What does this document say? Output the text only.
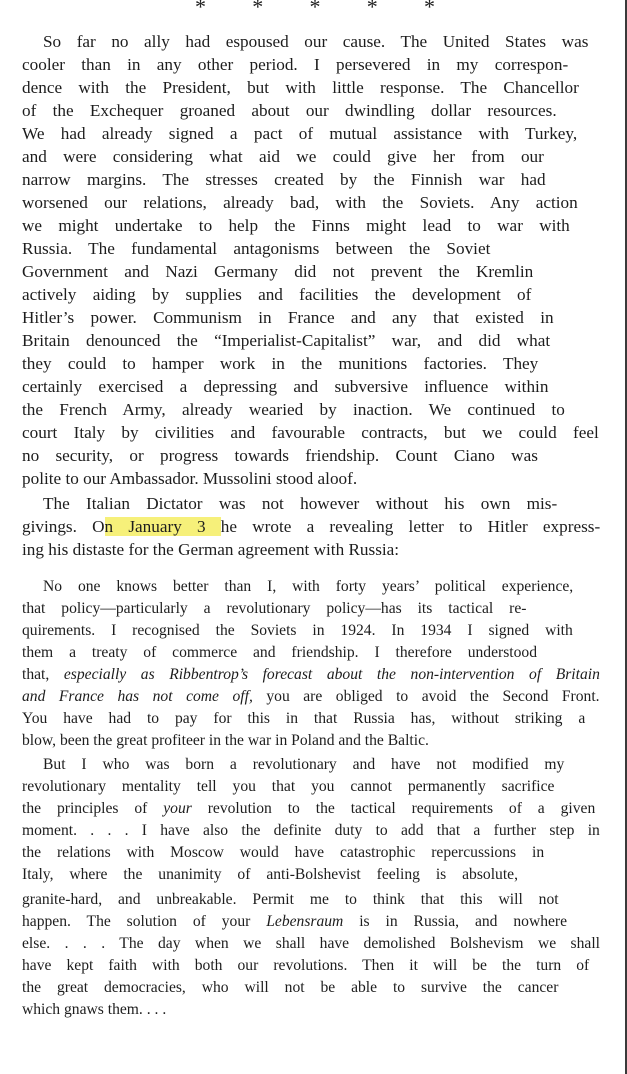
* * * * *

So far no ally had espoused our cause. The United States was

cooler than in any other period. I persevered in my correspon-

dence with the President, but with little response. The Chancellor

of the Exchequer groaned about our dwindling dollar resources.

We had already signed a pact of mutual assistance with Turkey,

and were considering what aid we could give her from our

narrow margins. The stresses created by the Finnish war had

worsened our relations, already bad, with the Soviets. Any action

we might undertake to help the Finns might lead to war with

Russia. The fundamental antagonisms between the Soviet

Government and Nazi Germany did not prevent the Kremlin

actively aiding by supplies and facilities the development of

Hitler’s power. Communism in France and any that existed in

Britain denounced the “Imperialist-Capitalist” war, and did what

they could to hamper work in the munitions factories. They

certainly exercised a depressing and subversive influence within

the French Army, already wearied by inaction. We continued to

court Italy by civilities and favourable contracts, but we could feel

no security, or progress towards friendship. Count Ciano was

polite to our Ambassador. Mussolini stood aloof.

The Italian Dictator was not however without his own mis-

givings. On January 3 he wrote a revealing letter to Hitler express-

ing his distaste for the German agreement with Russia:

No one knows better than I, with forty years’ political experience,

that policy—particularly a revolutionary policy—has its tactical re-

quirements. I recognised the Soviets in 1924. In 1934 I signed with

them a treaty of commerce and friendship. I therefore understood

that, especially as Ribbentrop’s forecast about the non-intervention of Britain

and France has not come off, you are obliged to avoid the Second Front.

You have had to pay for this in that Russia has, without striking a

blow, been the great profiteer in the war in Poland and the Baltic.

But I who was born a revolutionary and have not modified my

revolutionary mentality tell you that you cannot permanently sacrifice

the principles of your revolution to the tactical requirements of a given

moment. . . . I have also the definite duty to add that a further step in

the relations with Moscow would have catastrophic repercussions in

Italy, where the unanimity of anti-Bolshevist feeling is absolute,

granite-hard, and unbreakable. Permit me to think that this will not

happen. The solution of your Lebensraum is in Russia, and nowhere

else. . . . The day when we shall have demolished Bolshevism we shall

have kept faith with both our revolutions. Then it will be the turn of

the great democracies, who will not be able to survive the cancer

which gnaws them. . . .
